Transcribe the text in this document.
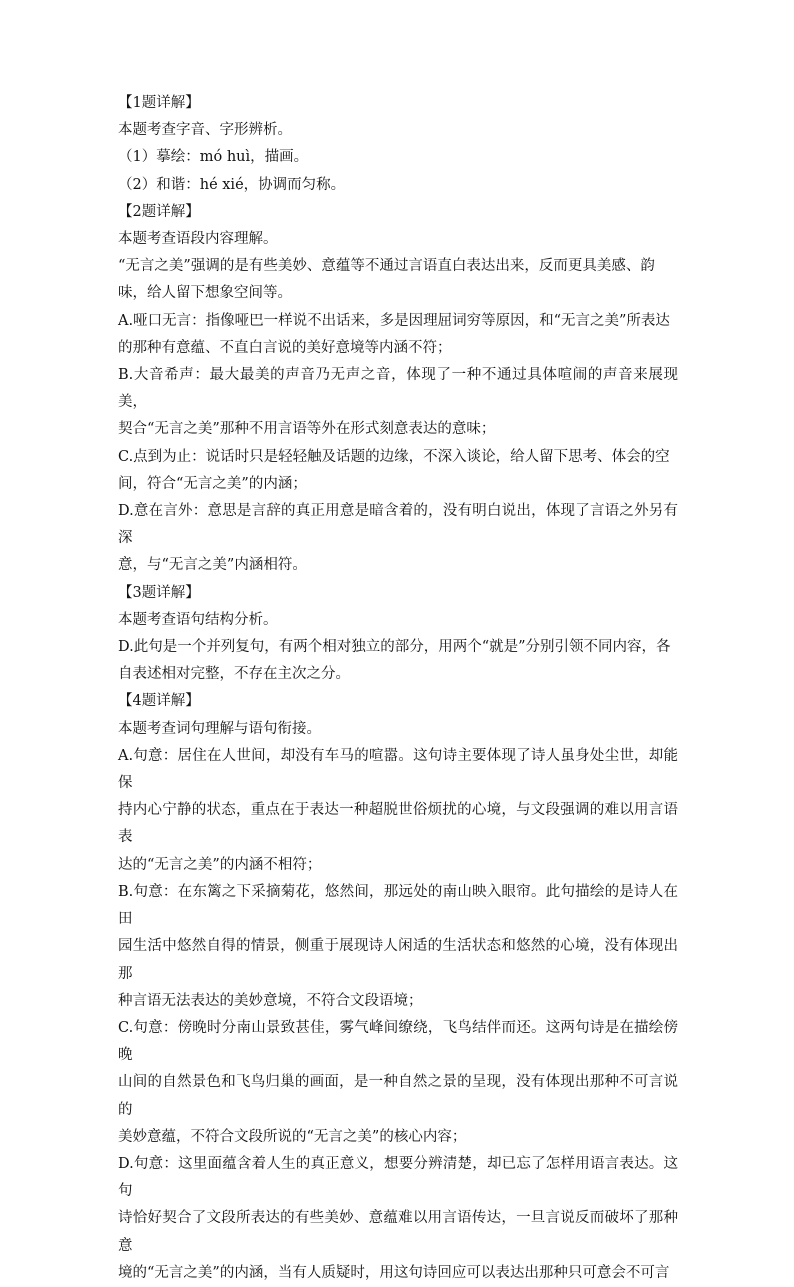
【1题详解】

本题考查字音、字形辨析。

（1）摹绘：mó huì，描画。

（2）和谐：hé xié，协调而匀称。

【2题详解】

本题考查语段内容理解。

“无言之美”强调的是有些美妙、意蕴等不通过言语直白表达出来，反而更具美感、韵

味，给人留下想象空间等。

A.哑口无言：指像哑巴一样说不出话来，多是因理屈词穷等原因，和“无言之美”所表达

的那种有意蕴、不直白言说的美好意境等内涵不符；

B.大音希声：最大最美的声音乃无声之音，体现了一种不通过具体喧闹的声音来展现美，

契合“无言之美”那种不用言语等外在形式刻意表达的意味；

C.点到为止：说话时只是轻轻触及话题的边缘，不深入谈论，给人留下思考、体会的空

间，符合“无言之美”的内涵；

D.意在言外：意思是言辞的真正用意是暗含着的，没有明白说出，体现了言语之外另有深

意，与“无言之美”内涵相符。

【3题详解】

本题考查语句结构分析。

D.此句是一个并列复句，有两个相对独立的部分，用两个“就是”分别引领不同内容，各

自表述相对完整，不存在主次之分。

【4题详解】

本题考查词句理解与语句衔接。

A.句意：居住在人世间，却没有车马的喧嚣。这句诗主要体现了诗人虽身处尘世，却能保

持内心宁静的状态，重点在于表达一种超脱世俗烦扰的心境，与文段强调的难以用言语表

达的“无言之美”的内涵不相符；

B.句意：在东篱之下采摘菊花，悠然间，那远处的南山映入眼帘。此句描绘的是诗人在田

园生活中悠然自得的情景，侧重于展现诗人闲适的生活状态和悠然的心境，没有体现出那

种言语无法表达的美妙意境，不符合文段语境；

C.句意：傍晚时分南山景致甚佳，雾气峰间缭绕，飞鸟结伴而还。这两句诗是在描绘傍晚

山间的自然景色和飞鸟归巢的画面，是一种自然之景的呈现，没有体现出那种不可言说的

美妙意蕴，不符合文段所说的“无言之美”的核心内容；

D.句意：这里面蕴含着人生的真正意义，想要分辨清楚，却已忘了怎样用语言表达。这句

诗恰好契合了文段所表达的有些美妙、意蕴难以用言语传达，一旦言说反而破坏了那种意

境的“无言之美”的内涵，当有人质疑时，用这句诗回应可以表达出那种只可意会不可言
